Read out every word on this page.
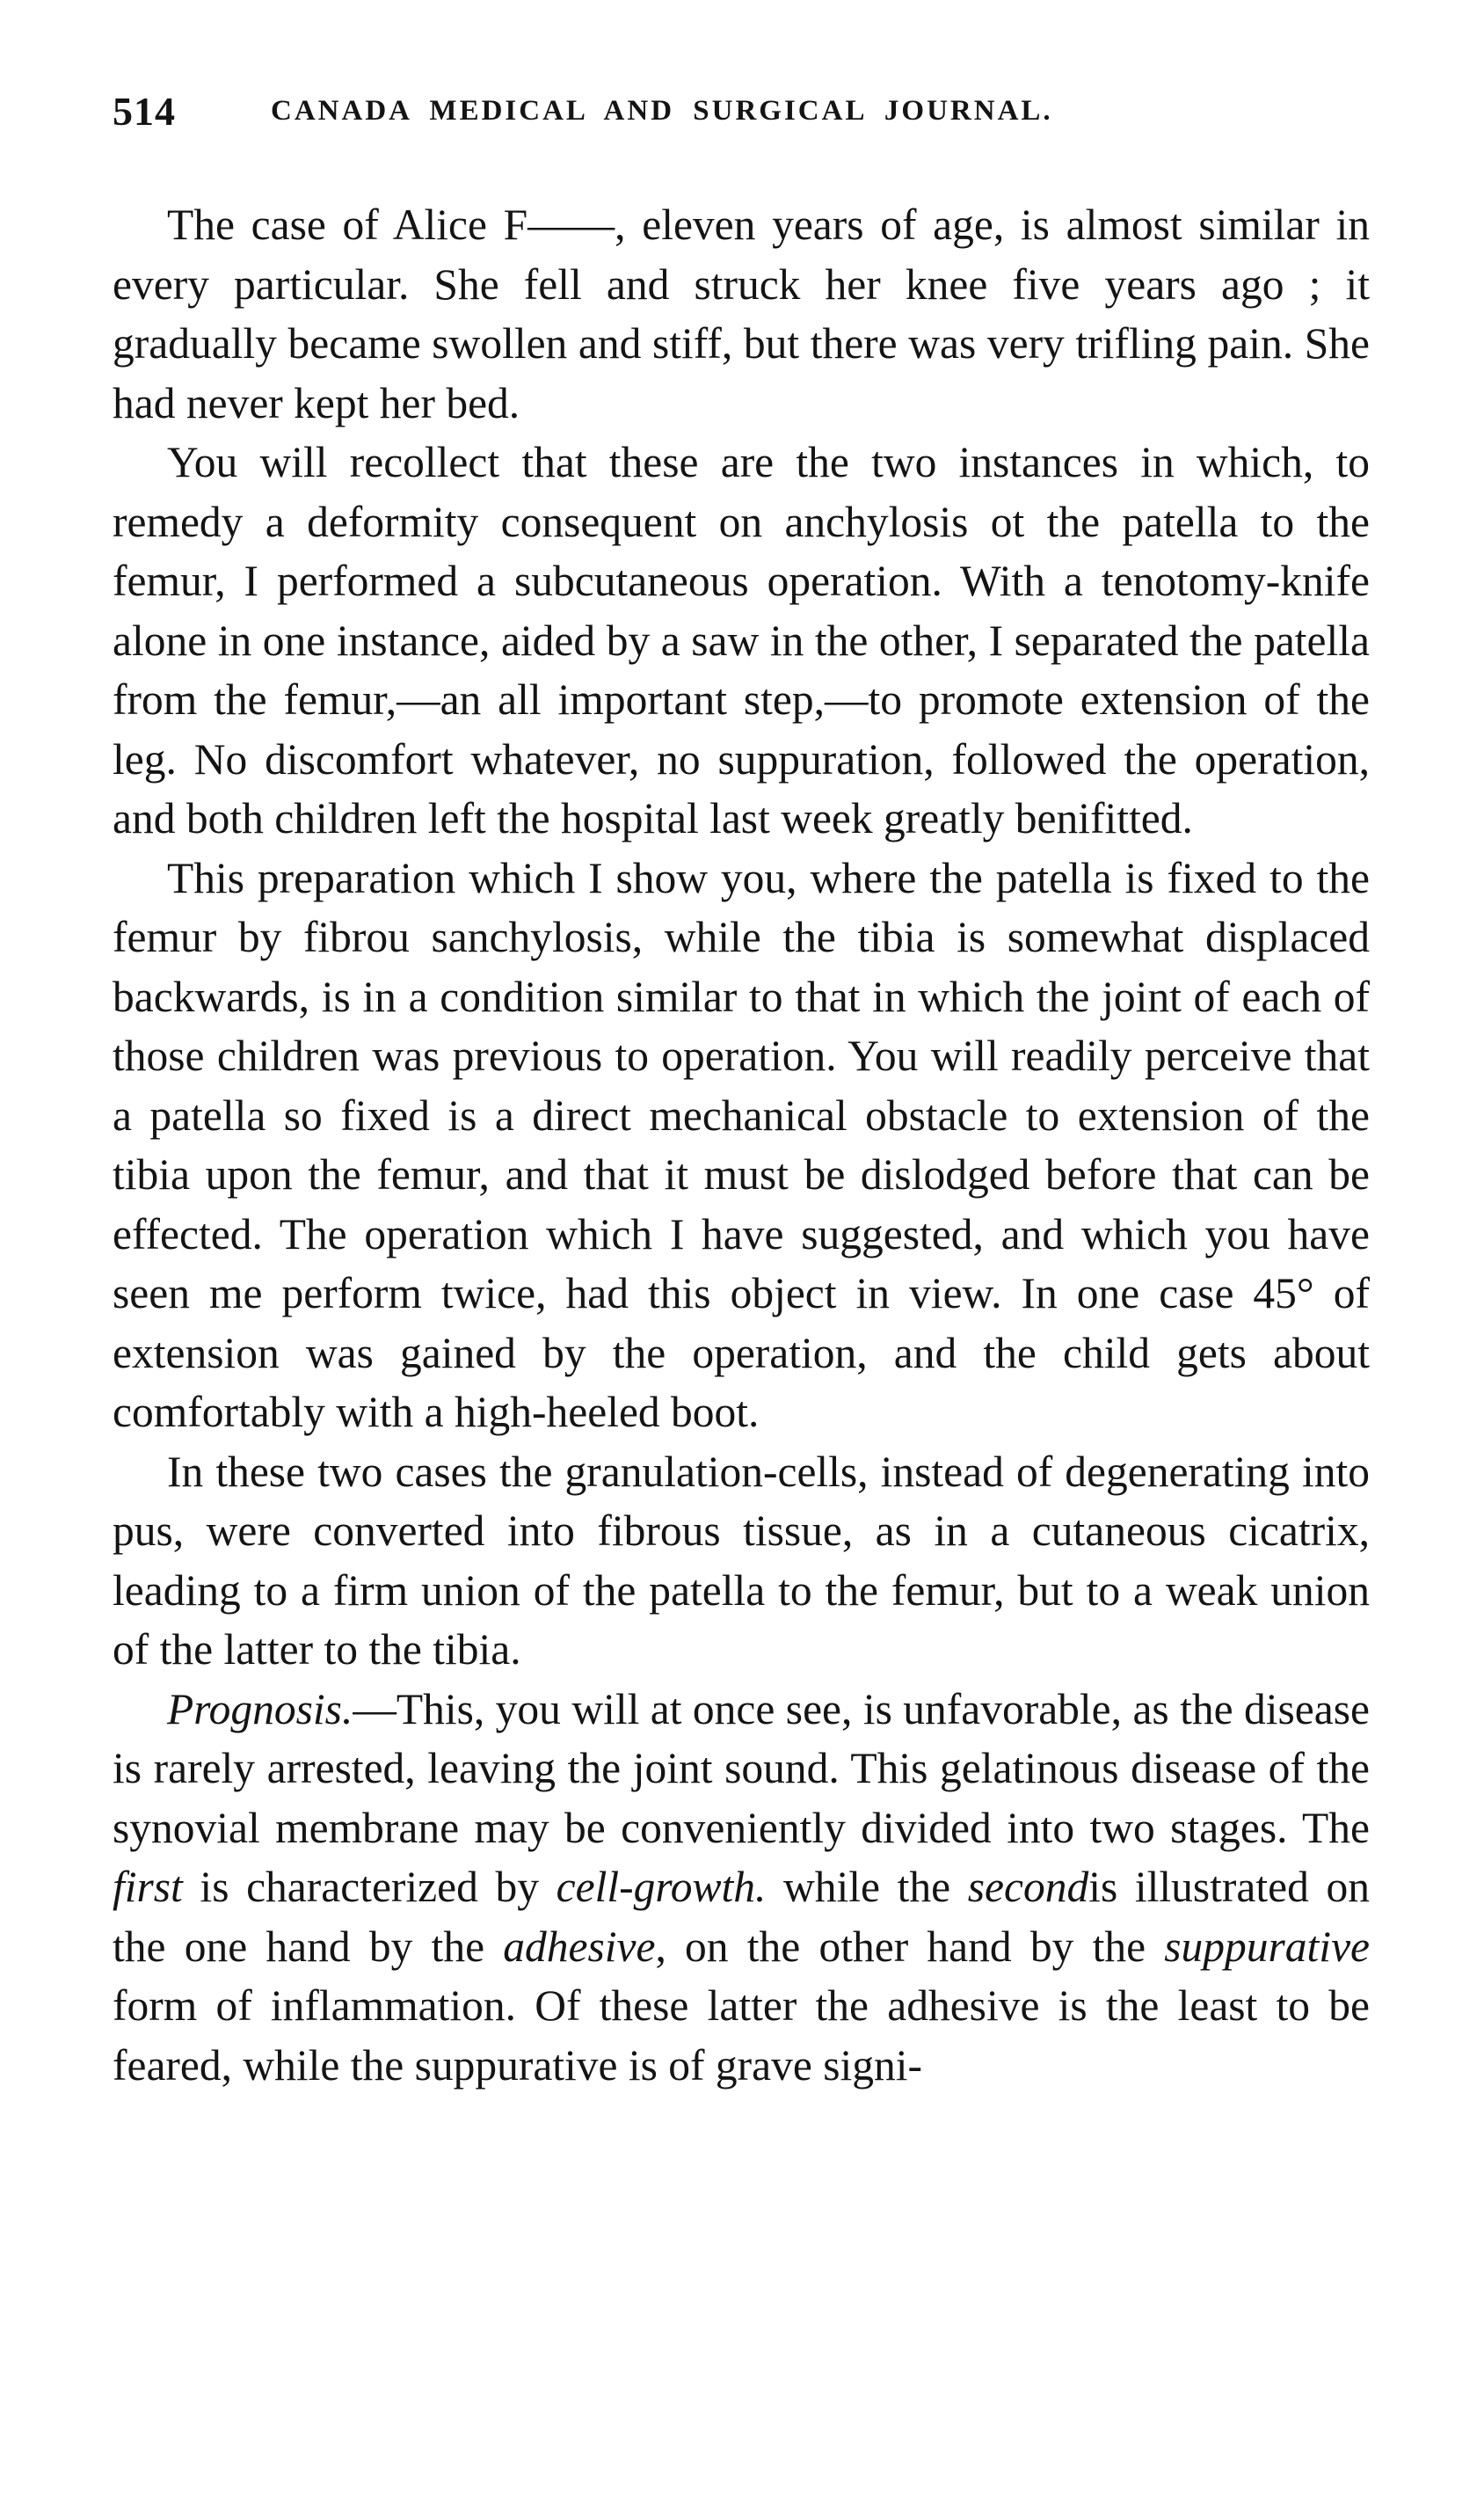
514	CANADA MEDICAL AND SURGICAL JOURNAL.

The case of Alice F——, eleven years of age, is almost similar in every particular. She fell and struck her knee five years ago ; it gradually became swollen and stiff, but there was very trifling pain. She had never kept her bed.

You will recollect that these are the two instances in which, to remedy a deformity consequent on anchylosis ot the patella to the femur, I performed a subcutaneous operation. With a tenotomy-knife alone in one instance, aided by a saw in the other, I separated the patella from the femur,—an all important step,—to promote extension of the leg. No discomfort whatever, no suppuration, followed the operation, and both children left the hospital last week greatly benifitted.

This preparation which I show you, where the patella is fixed to the femur by fibrou sanchylosis, while the tibia is somewhat displaced backwards, is in a condition similar to that in which the joint of each of those children was previous to operation. You will readily perceive that a patella so fixed is a direct mechanical obstacle to extension of the tibia upon the femur, and that it must be dislodged before that can be effected. The operation which I have suggested, and which you have seen me perform twice, had this object in view. In one case 45° of extension was gained by the operation, and the child gets about comfortably with a high-heeled boot.

In these two cases the granulation-cells, instead of degenerating into pus, were converted into fibrous tissue, as in a cutaneous cicatrix, leading to a firm union of the patella to the femur, but to a weak union of the latter to the tibia.

Prognosis.—This, you will at once see, is unfavorable, as the disease is rarely arrested, leaving the joint sound. This gelatinous disease of the synovial membrane may be conveniently divided into two stages. The first is characterized by cell-growth. while the secondis illustrated on the one hand by the adhesive, on the other hand by the suppurative form of inflammation. Of these latter the adhesive is the least to be feared, while the suppurative is of grave signi-
